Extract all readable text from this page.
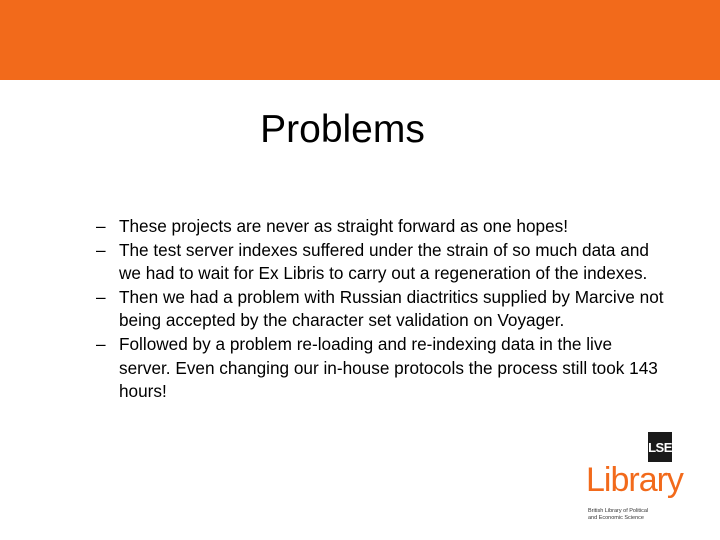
Problems
– These projects are never as straight forward as one hopes!
– The test server indexes suffered under the strain of so much data and we had to wait for Ex Libris to carry out a regeneration of the indexes.
– Then we had a problem with Russian diactritics supplied by Marcive not being accepted by the character set validation on Voyager.
– Followed by a problem re-loading and re-indexing data in the live server. Even changing our in-house protocols the process still took 143 hours!
LSE
Library
British Library of Political
and Economic Science
